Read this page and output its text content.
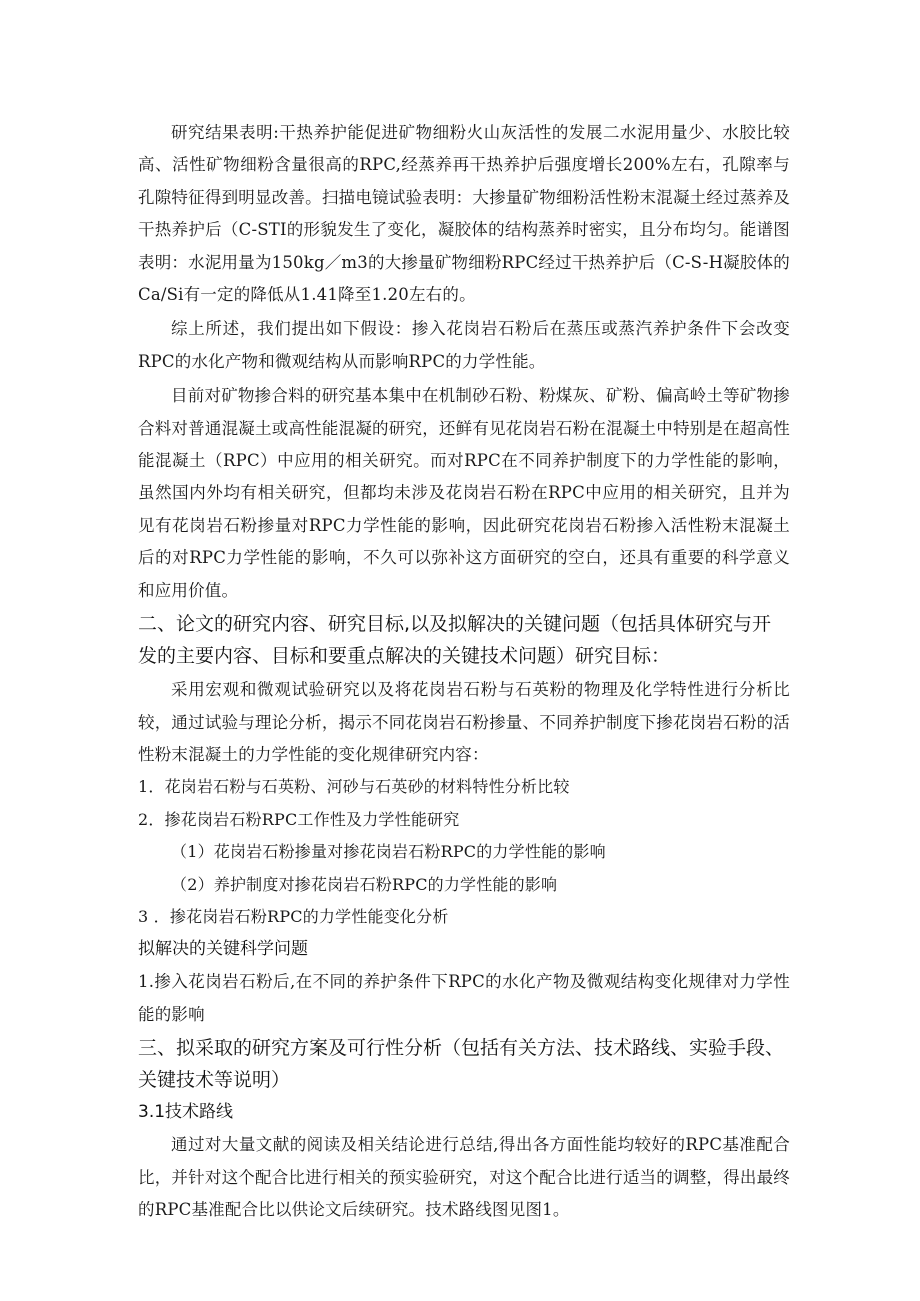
研究结果表明:干热养护能促进矿物细粉火山灰活性的发展二水泥用量少、水胶比较高、活性矿物细粉含量很高的RPC,经蒸养再干热养护后强度增长200%左右，孔隙率与孔隙特征得到明显改善。扫描电镜试验表明：大掺量矿物细粉活性粉末混凝土经过蒸养及干热养护后（C-STI的形貌发生了变化，凝胶体的结构蒸养时密实，且分布均匀。能谱图表明：水泥用量为150kg／m3的大掺量矿物细粉RPC经过干热养护后（C-S-H凝胶体的Ca/Si有一定的降低从1.41降至1.20左右的。

综上所述，我们提出如下假设：掺入花岗岩石粉后在蒸压或蒸汽养护条件下会改变RPC的水化产物和微观结构从而影响RPC的力学性能。

目前对矿物掺合料的研究基本集中在机制砂石粉、粉煤灰、矿粉、偏高岭土等矿物掺合料对普通混凝土或高性能混凝的研究，还鲜有见花岗岩石粉在混凝土中特别是在超高性能混凝土（RPC）中应用的相关研究。而对RPC在不同养护制度下的力学性能的影响，虽然国内外均有相关研究，但都均未涉及花岗岩石粉在RPC中应用的相关研究，且并为见有花岗岩石粉掺量对RPC力学性能的影响，因此研究花岗岩石粉掺入活性粉末混凝土后的对RPC力学性能的影响，不久可以弥补这方面研究的空白，还具有重要的科学意义和应用价值。

二、论文的研究内容、研究目标,以及拟解决的关键问题（包括具体研究与开发的主要内容、目标和要重点解决的关键技术问题）研究目标：

采用宏观和微观试验研究以及将花岗岩石粉与石英粉的物理及化学特性进行分析比较，通过试验与理论分析，揭示不同花岗岩石粉掺量、不同养护制度下掺花岗岩石粉的活性粉末混凝土的力学性能的变化规律研究内容：

1．花岗岩石粉与石英粉、河砂与石英砂的材料特性分析比较

2．掺花岗岩石粉RPC工作性及力学性能研究

（1）花岗岩石粉掺量对掺花岗岩石粉RPC的力学性能的影响

（2）养护制度对掺花岗岩石粉RPC的力学性能的影响

3 ．掺花岗岩石粉RPC的力学性能变化分析

拟解决的关键科学问题

1.掺入花岗岩石粉后,在不同的养护条件下RPC的水化产物及微观结构变化规律对力学性能的影响

三、拟采取的研究方案及可行性分析（包括有关方法、技术路线、实验手段、关键技术等说明）
3.1技术路线

通过对大量文献的阅读及相关结论进行总结,得出各方面性能均较好的RPC基准配合比，并针对这个配合比进行相关的预实验研究，对这个配合比进行适当的调整，得出最终的RPC基准配合比以供论文后续研究。技术路线图见图1。
